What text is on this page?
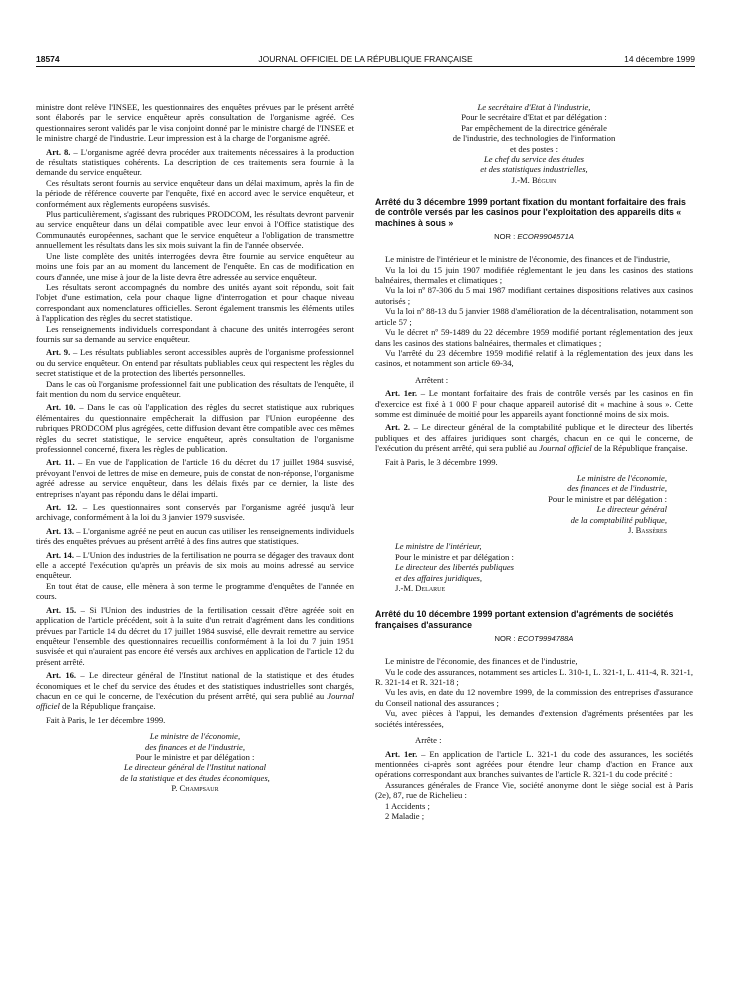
18574	JOURNAL OFFICIEL DE LA RÉPUBLIQUE FRANÇAISE	14 décembre 1999

ministre dont relève l'INSEE, les questionnaires des enquêtes prévues par le présent arrêté sont élaborés par le service enquêteur après consultation de l'organisme agréé. Ces questionnaires seront validés par le visa conjoint donné par le ministre chargé de l'INSEE et le ministre chargé de l'industrie. Leur impression est à la charge de l'organisme agréé.

Art. 8. – L'organisme agréé devra procéder aux traitements nécessaires à la production de résultats statistiques cohérents. La description de ces traitements sera fournie à la demande du service enquêteur.

Ces résultats seront fournis au service enquêteur dans un délai maximum, après la fin de la période de référence couverte par l'enquête, fixé en accord avec le service enquêteur, et conformément aux règlements européens susvisés.

Plus particulièrement, s'agissant des rubriques PRODCOM, les résultats devront parvenir au service enquêteur dans un délai compatible avec leur envoi à l'Office statistique des Communautés européennes, sachant que le service enquêteur a l'obligation de transmettre annuellement les résultats dans les six mois suivant la fin de l'année observée.

Une liste complète des unités interrogées devra être fournie au service enquêteur au moins une fois par an au moment du lancement de l'enquête. En cas de modification en cours d'année, une mise à jour de la liste devra être adressée au service enquêteur.

Les résultats seront accompagnés du nombre des unités ayant soit répondu, soit fait l'objet d'une estimation, cela pour chaque ligne d'interrogation et pour chaque niveau correspondant aux nomenclatures officielles. Seront également transmis les éléments utiles à l'application des règles du secret statistique.

Les renseignements individuels correspondant à chacune des unités interrogées seront fournis sur sa demande au service enquêteur.

Art. 9. – Les résultats publiables seront accessibles auprès de l'organisme professionnel ou du service enquêteur. On entend par résultats publiables ceux qui respectent les règles du secret statistique et de la protection des libertés personnelles.

Dans le cas où l'organisme professionnel fait une publication des résultats de l'enquête, il fait mention du nom du service enquêteur.

Art. 10. – Dans le cas où l'application des règles du secret statistique aux rubriques élémentaires du questionnaire empêcherait la diffusion par l'Union européenne des rubriques PRODCOM plus agrégées, cette diffusion devant être compatible avec ces mêmes règles du secret statistique, le service enquêteur, après consultation de l'organisme professionnel concerné, fixera les règles de publication.

Art. 11. – En vue de l'application de l'article 16 du décret du 17 juillet 1984 susvisé, prévoyant l'envoi de lettres de mise en demeure, puis de constat de non-réponse, l'organisme agréé adresse au service enquêteur, dans les délais fixés par ce dernier, la liste des entreprises n'ayant pas répondu dans le délai imparti.

Art. 12. – Les questionnaires sont conservés par l'organisme agréé jusqu'à leur archivage, conformément à la loi du 3 janvier 1979 susvisée.

Art. 13. – L'organisme agréé ne peut en aucun cas utiliser les renseignements individuels tirés des enquêtes prévues au présent arrêté à des fins autres que statistiques.

Art. 14. – L'Union des industries de la fertilisation ne pourra se dégager des travaux dont elle a accepté l'exécution qu'après un préavis de six mois au moins adressé au service enquêteur.

En tout état de cause, elle mènera à son terme le programme d'enquêtes de l'année en cours.

Art. 15. – Si l'Union des industries de la fertilisation cessait d'être agréée soit en application de l'article précédent, soit à la suite d'un retrait d'agrément dans les conditions prévues par l'article 14 du décret du 17 juillet 1984 susvisé, elle devrait remettre au service enquêteur l'ensemble des questionnaires recueillis conformément à la loi du 7 juin 1951 susvisée et qui n'auraient pas encore été versés aux archives en application de l'article 12 du présent arrêté.

Art. 16. – Le directeur général de l'Institut national de la statistique et des études économiques et le chef du service des études et des statistiques industrielles sont chargés, chacun en ce qui le concerne, de l'exécution du présent arrêté, qui sera publié au Journal officiel de la République française.

Fait à Paris, le 1er décembre 1999.

Le ministre de l'économie,
des finances et de l'industrie,
Pour le ministre et par délégation :
Le directeur général de l'Institut national
de la statistique et des études économiques,
P. Champsaur
Le secrétaire d'Etat à l'industrie,
Pour le secrétaire d'Etat et par délégation :
Par empêchement de la directrice générale
de l'industrie, des technologies de l'information
et des postes :
Le chef du service des études
et des statistiques industrielles,
J.-M. Béguin
Arrêté du 3 décembre 1999 portant fixation du montant forfaitaire des frais de contrôle versés par les casinos pour l'exploitation des appareils dits « machines à sous »
NOR : ECOR9904571A

Le ministre de l'intérieur et le ministre de l'économie, des finances et de l'industrie,

Vu la loi du 15 juin 1907 modifiée réglementant le jeu dans les casinos des stations balnéaires, thermales et climatiques ;

Vu la loi nº 87-306 du 5 mai 1987 modifiant certaines dispositions relatives aux casinos autorisés ;

Vu la loi nº 88-13 du 5 janvier 1988 d'amélioration de la décentralisation, notamment son article 57 ;

Vu le décret nº 59-1489 du 22 décembre 1959 modifié portant réglementation des jeux dans les casinos des stations balnéaires, thermales et climatiques ;

Vu l'arrêté du 23 décembre 1959 modifié relatif à la réglementation des jeux dans les casinos, et notamment son article 69-34,

Arrêtent :

Art. 1er. – Le montant forfaitaire des frais de contrôle versés par les casinos en fin d'exercice est fixé à 1 000 F pour chaque appareil autorisé dit « machine à sous ». Cette somme est diminuée de moitié pour les appareils ayant fonctionné moins de six mois.

Art. 2. – Le directeur général de la comptabilité publique et le directeur des libertés publiques et des affaires juridiques sont chargés, chacun en ce qui le concerne, de l'exécution du présent arrêté, qui sera publié au Journal officiel de la République française.

Fait à Paris, le 3 décembre 1999.

Le ministre de l'économie,
des finances et de l'industrie,
Pour le ministre et par délégation :
Le directeur général
de la comptabilité publique,
J. Bassères
Le ministre de l'intérieur,
Pour le ministre et par délégation :
Le directeur des libertés publiques
et des affaires juridiques,
J.-M. Delarue
Arrêté du 10 décembre 1999 portant extension d'agréments de sociétés françaises d'assurance
NOR : ECOT9994788A

Le ministre de l'économie, des finances et de l'industrie,

Vu le code des assurances, notamment ses articles L. 310-1, L. 321-1, L. 411-4, R. 321-1, R. 321-14 et R. 321-18 ;

Vu les avis, en date du 12 novembre 1999, de la commission des entreprises d'assurance du Conseil national des assurances ;

Vu, avec pièces à l'appui, les demandes d'extension d'agréments présentées par les sociétés intéressées,

Arrête :

Art. 1er. – En application de l'article L. 321-1 du code des assurances, les sociétés mentionnées ci-après sont agréées pour étendre leur champ d'action en France aux opérations correspondant aux branches suivantes de l'article R. 321-1 du code précité :

Assurances générales de France Vie, société anonyme dont le siège social est à Paris (2e), 87, rue de Richelieu :

1 Accidents ;

2 Maladie ;
